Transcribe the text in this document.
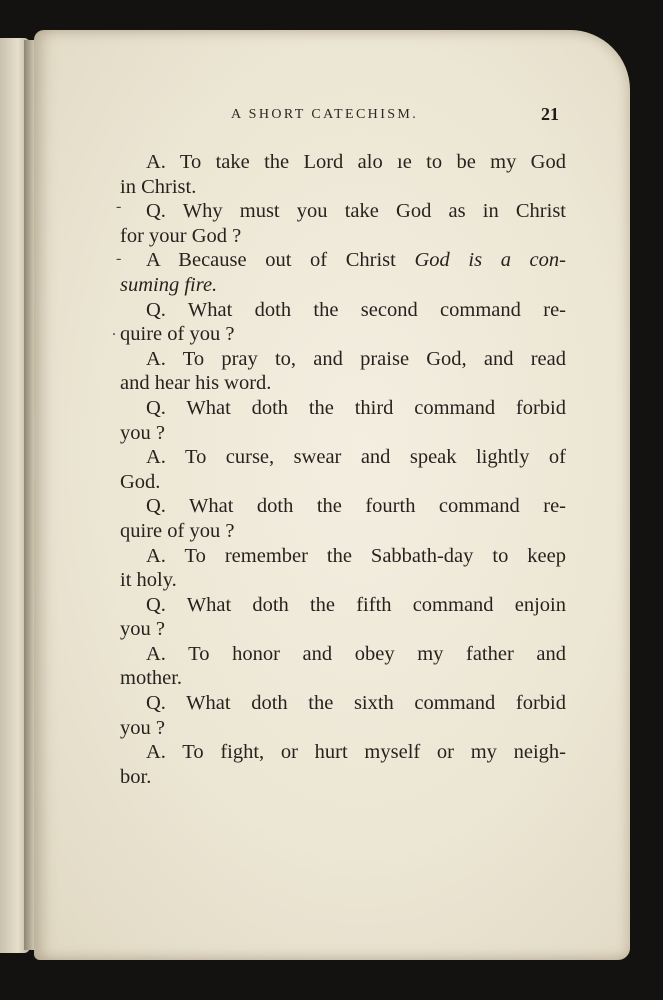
A SHORT CATECHISM.	21
-
-
.
A. To take the Lord alo ıe to be my God
in Christ.
Q. Why must you take God as in Christ
for your God ?
A Because out of Christ God is a con-
suming fire.
Q. What doth the second command re-
quire of you ?
A. To pray to, and praise God, and read
and hear his word.
Q. What doth the third command forbid
you ?
A. To curse, swear and speak lightly of
God.
Q. What doth the fourth command re-
quire of you ?
A. To remember the Sabbath-day to keep
it holy.
Q. What doth the fifth command enjoin
you ?
A. To honor and obey my father and
mother.
Q. What doth the sixth command forbid
you ?
A. To fight, or hurt myself or my neigh-
bor.
